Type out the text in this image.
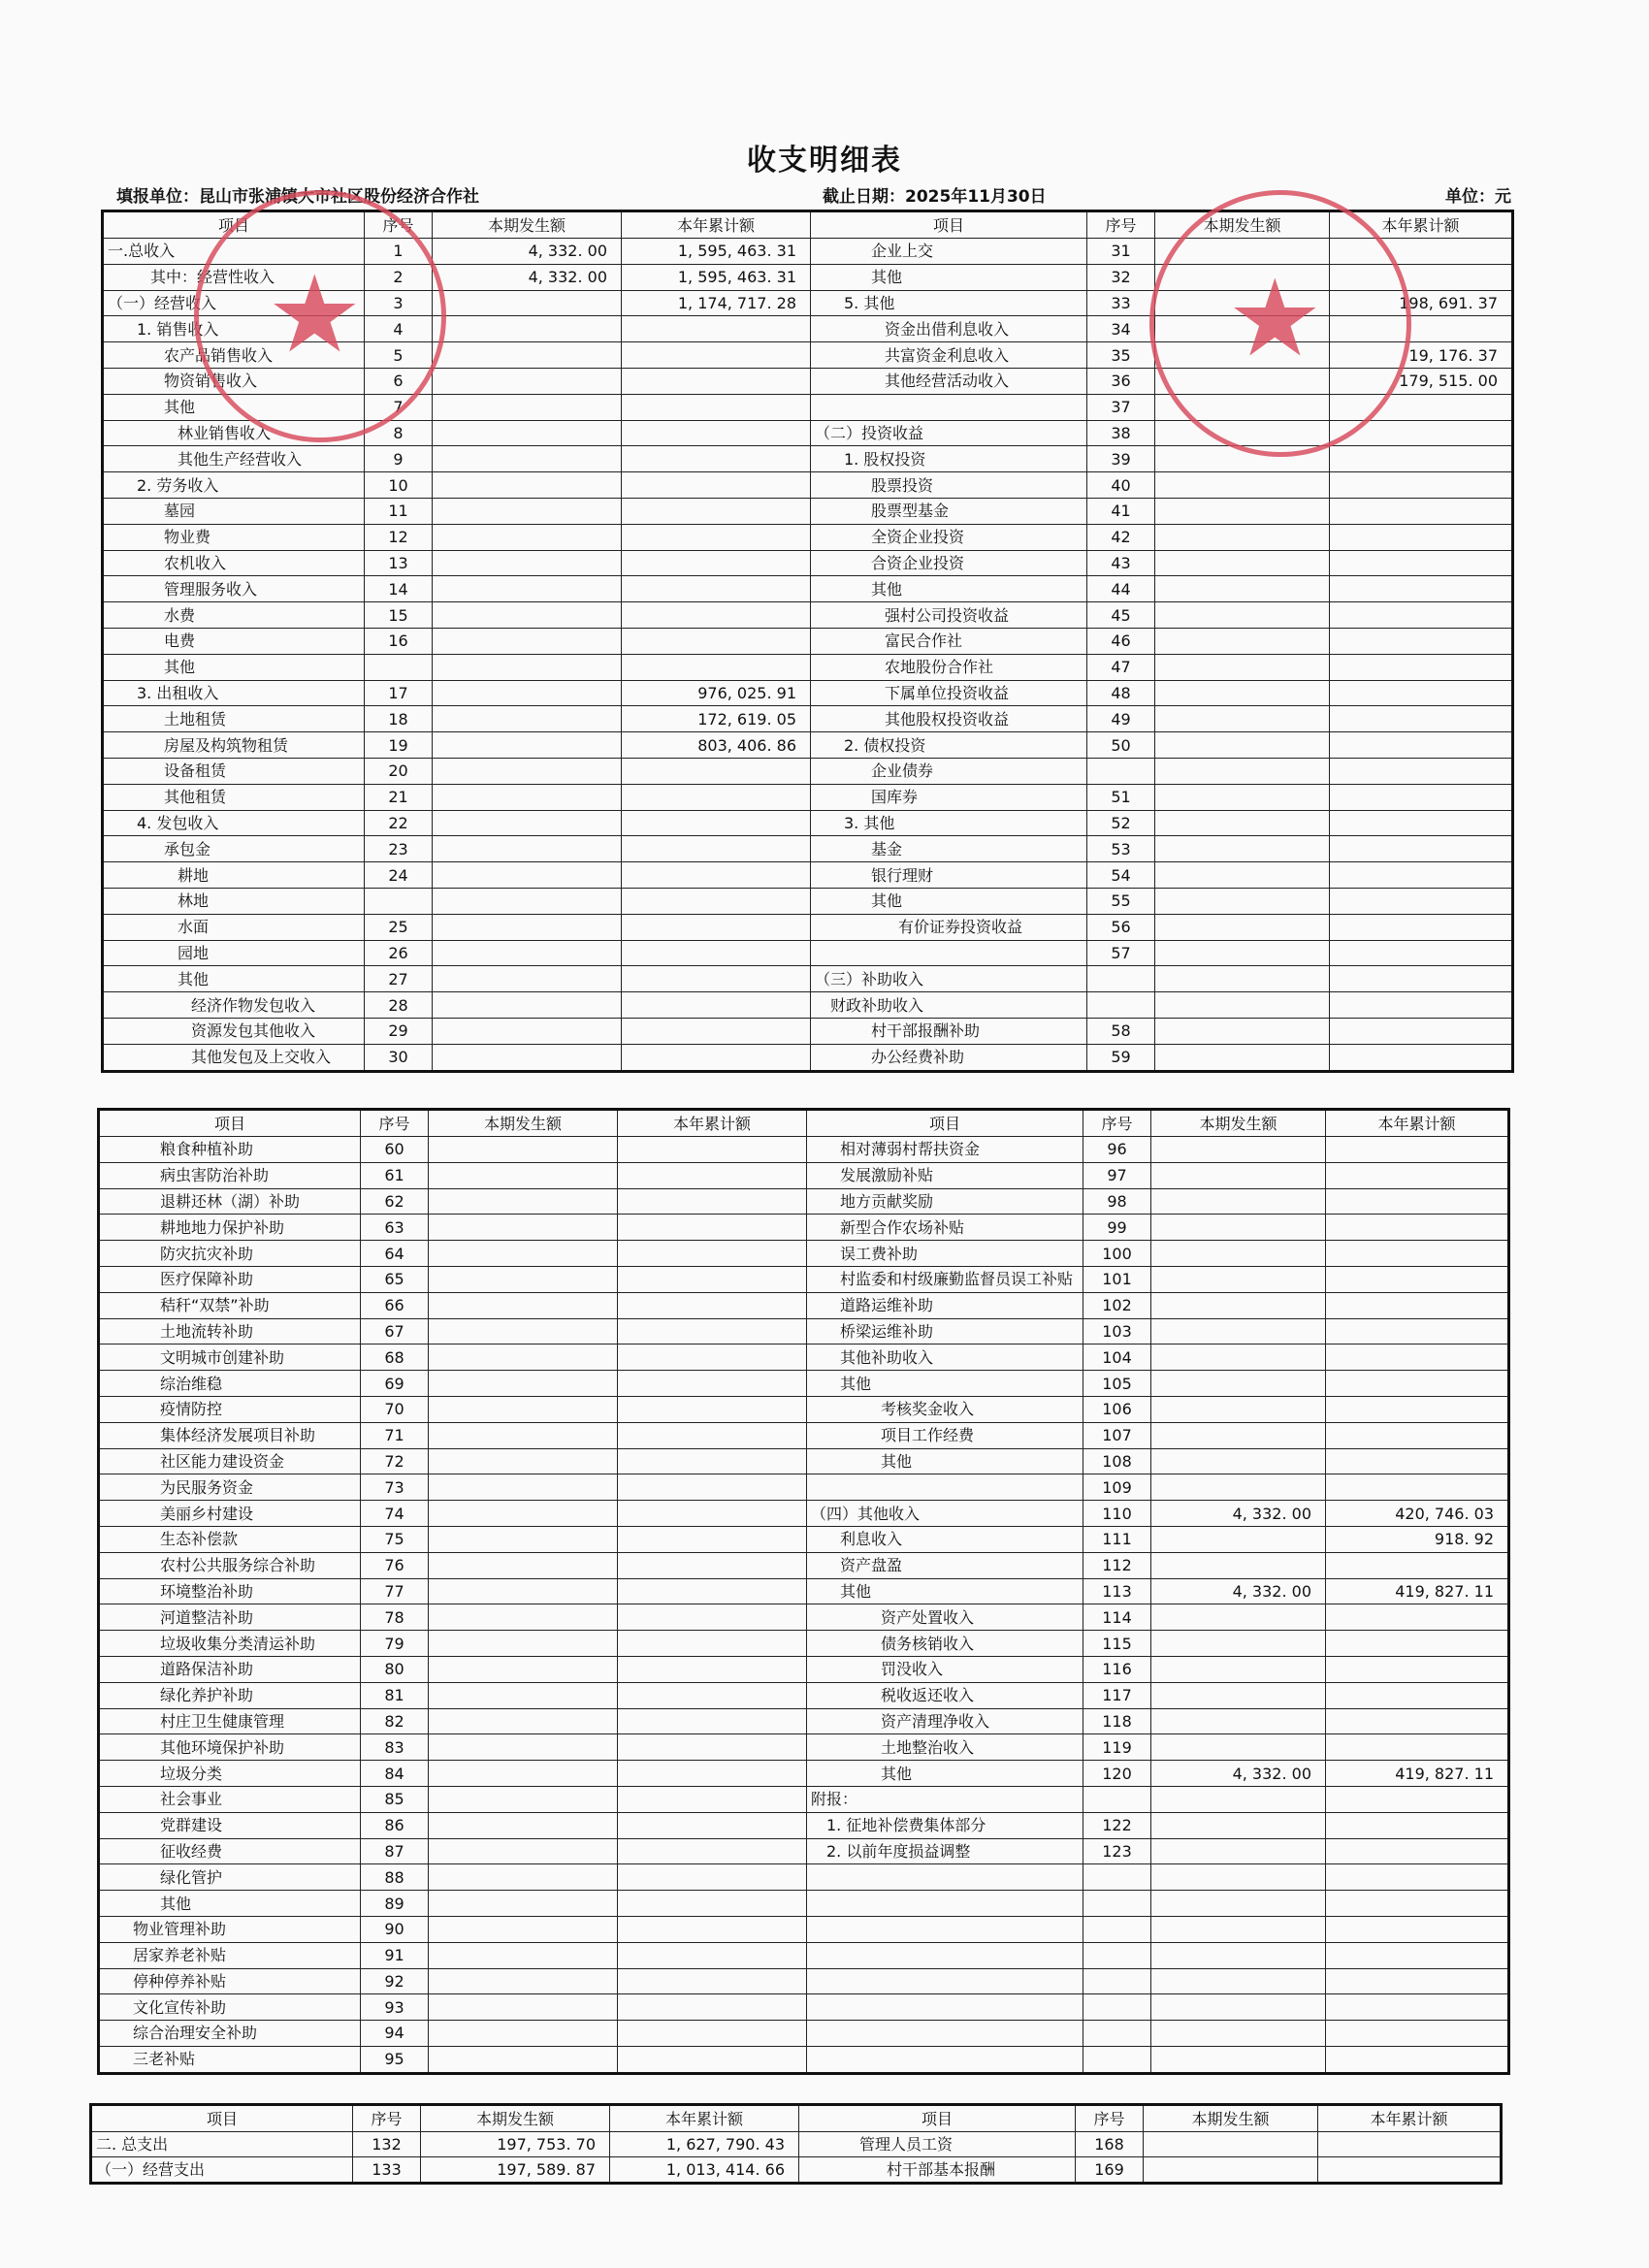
收支明细表
填报单位：昆山市张浦镇大市社区股份经济合作社	截止日期：2025年11月30日	单位：元
项目	序号	本期发生额	本年累计额	项目	序号	本期发生额	本年累计额
一.总收入	1	4, 332. 00	1, 595, 463. 31	企业上交	31		
其中：经营性收入	2	4, 332. 00	1, 595, 463. 31	其他	32		
（一）经营收入	3		1, 174, 717. 28	5. 其他	33		198, 691. 37
1. 销售收入	4			资金出借利息收入	34		
农产品销售收入	5			共富资金利息收入	35		19, 176. 37
物资销售收入	6			其他经营活动收入	36		179, 515. 00
其他	7				37		
林业销售收入	8			（二）投资收益	38		
其他生产经营收入	9			1. 股权投资	39		
2. 劳务收入	10			股票投资	40		
墓园	11			股票型基金	41		
物业费	12			全资企业投资	42		
农机收入	13			合资企业投资	43		
管理服务收入	14			其他	44		
水费	15			强村公司投资收益	45		
电费	16			富民合作社	46		
其他				农地股份合作社	47		
3. 出租收入	17		976, 025. 91	下属单位投资收益	48		
土地租赁	18		172, 619. 05	其他股权投资收益	49		
房屋及构筑物租赁	19		803, 406. 86	2. 债权投资	50		
设备租赁	20			企业债券			
其他租赁	21			国库券	51		
4. 发包收入	22			3. 其他	52		
承包金	23			基金	53		
耕地	24			银行理财	54		
林地				其他	55		
水面	25			有价证券投资收益	56		
园地	26				57		
其他	27			（三）补助收入			
经济作物发包收入	28			财政补助收入			
资源发包其他收入	29			村干部报酬补助	58		
其他发包及上交收入	30			办公经费补助	59		
项目	序号	本期发生额	本年累计额	项目	序号	本期发生额	本年累计额
粮食种植补助	60			相对薄弱村帮扶资金	96		
病虫害防治补助	61			发展激励补贴	97		
退耕还林（湖）补助	62			地方贡献奖励	98		
耕地地力保护补助	63			新型合作农场补贴	99		
防灾抗灾补助	64			误工费补助	100		
医疗保障补助	65			村监委和村级廉勤监督员误工补贴	101		
秸秆“双禁”补助	66			道路运维补助	102		
土地流转补助	67			桥梁运维补助	103		
文明城市创建补助	68			其他补助收入	104		
综治维稳	69			其他	105		
疫情防控	70			考核奖金收入	106		
集体经济发展项目补助	71			项目工作经费	107		
社区能力建设资金	72			其他	108		
为民服务资金	73				109		
美丽乡村建设	74			（四）其他收入	110	4, 332. 00	420, 746. 03
生态补偿款	75			利息收入	111		918. 92
农村公共服务综合补助	76			资产盘盈	112		
环境整治补助	77			其他	113	4, 332. 00	419, 827. 11
河道整洁补助	78			资产处置收入	114		
垃圾收集分类清运补助	79			债务核销收入	115		
道路保洁补助	80			罚没收入	116		
绿化养护补助	81			税收返还收入	117		
村庄卫生健康管理	82			资产清理净收入	118		
其他环境保护补助	83			土地整治收入	119		
垃圾分类	84			其他	120	4, 332. 00	419, 827. 11
社会事业	85			附报：			
党群建设	86			1. 征地补偿费集体部分	122		
征收经费	87			2. 以前年度损益调整	123		
绿化管护	88						
其他	89						
物业管理补助	90						
居家养老补贴	91						
停种停养补贴	92						
文化宣传补助	93						
综合治理安全补助	94						
三老补贴	95						
项目	序号	本期发生额	本年累计额	项目	序号	本期发生额	本年累计额
二. 总支出	132	197, 753. 70	1, 627, 790. 43	管理人员工资	168		
（一）经营支出	133	197, 589. 87	1, 013, 414. 66	村干部基本报酬	169		
★	★
